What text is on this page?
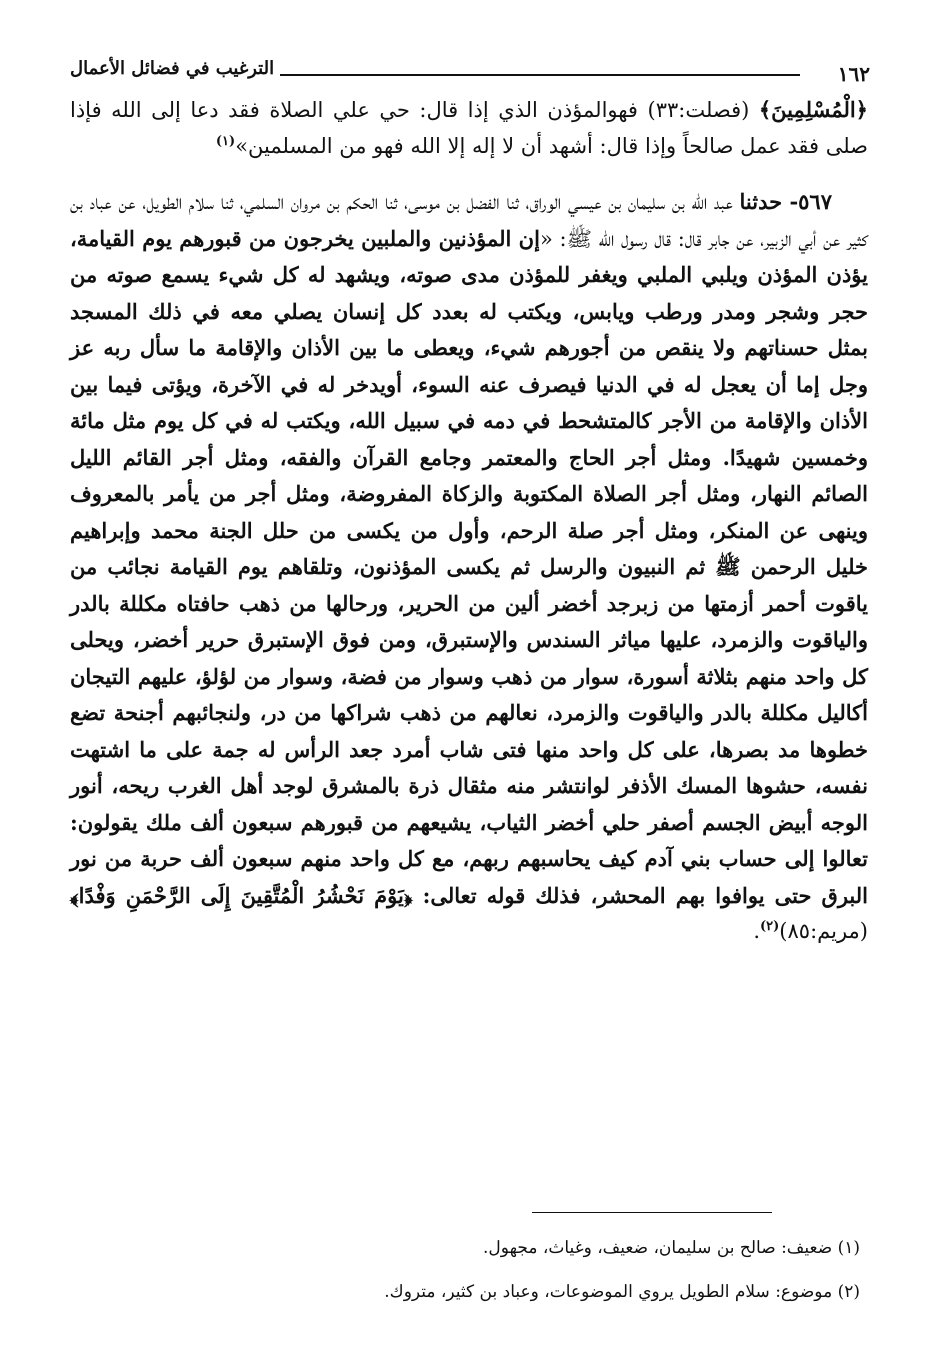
١٦٢
الترغيب في فضائل الأعمال

﴿الْمُسْلِمِينَ﴾ (فصلت:٣٣) فهوالمؤذن الذي إذا قال: حي علي الصلاة فقد دعا إلى الله فإذا صلى فقد عمل صالحاً وإذا قال: أشهد أن لا إله إلا الله فهو من المسلمين»$^{(١)}$

٥٦٧- حدثنا عبد الله بن سليمان بن عيسي الوراق، ثنا الفضل بن موسى، ثنا الحكم بن مروان السلمي، ثنا سلام الطويل، عن عباد بن كثير عن أبي الزبير، عن جابر قال: قال رسول الله ﷺ: «إن المؤذنين والملبين يخرجون من قبورهم يوم القيامة، يؤذن المؤذن ويلبي الملبي ويغفر للمؤذن مدى صوته، ويشهد له كل شيء يسمع صوته من حجر وشجر ومدر ورطب ويابس، ويكتب له بعدد كل إنسان يصلي معه في ذلك المسجد بمثل حسناتهم ولا ينقص من أجورهم شيء، ويعطى ما بين الأذان والإقامة ما سأل ربه عز وجل إما أن يعجل له في الدنيا فيصرف عنه السوء، أويدخر له في الآخرة، ويؤتى فيما بين الأذان والإقامة من الأجر كالمتشحط في دمه في سبيل الله، ويكتب له في كل يوم مثل مائة وخمسين شهيدًا. ومثل أجر الحاج والمعتمر وجامع القرآن والفقه، ومثل أجر القائم الليل الصائم النهار، ومثل أجر الصلاة المكتوبة والزكاة المفروضة، ومثل أجر من يأمر بالمعروف وينهى عن المنكر، ومثل أجر صلة الرحم، وأول من يكسى من حلل الجنة محمد وإبراهيم خليل الرحمن ﷺ ثم النبيون والرسل ثم يكسى المؤذنون، وتلقاهم يوم القيامة نجائب من ياقوت أحمر أزمتها من زبرجد أخضر ألين من الحرير، ورحالها من ذهب حافتاه مكللة بالدر والياقوت والزمرد، عليها مياثر السندس والإستبرق، ومن فوق الإستبرق حرير أخضر، ويحلى كل واحد منهم بثلاثة أسورة، سوار من ذهب وسوار من فضة، وسوار من لؤلؤ، عليهم التيجان أكاليل مكللة بالدر والياقوت والزمرد، نعالهم من ذهب شراكها من در، ولنجائبهم أجنحة تضع خطوها مد بصرها، على كل واحد منها فتى شاب أمرد جعد الرأس له جمة على ما اشتهت نفسه، حشوها المسك الأذفر لوانتشر منه مثقال ذرة بالمشرق لوجد أهل الغرب ريحه، أنور الوجه أبيض الجسم أصفر حلي أخضر الثياب، يشيعهم من قبورهم سبعون ألف ملك يقولون: تعالوا إلى حساب بني آدم كيف يحاسبهم ربهم، مع كل واحد منهم سبعون ألف حربة من نور البرق حتى يوافوا بهم المحشر، فذلك قوله تعالى: ﴿يَوْمَ نَحْشُرُ الْمُتَّقِينَ إِلَى الرَّحْمَنِ وَفْدًا﴾ (مريم:٨٥)$^{(٢)}$.

(١) ضعيف: صالح بن سليمان، ضعيف، وغياث، مجهول.

(٢) موضوع: سلام الطويل يروي الموضوعات، وعباد بن كثير، متروك.
